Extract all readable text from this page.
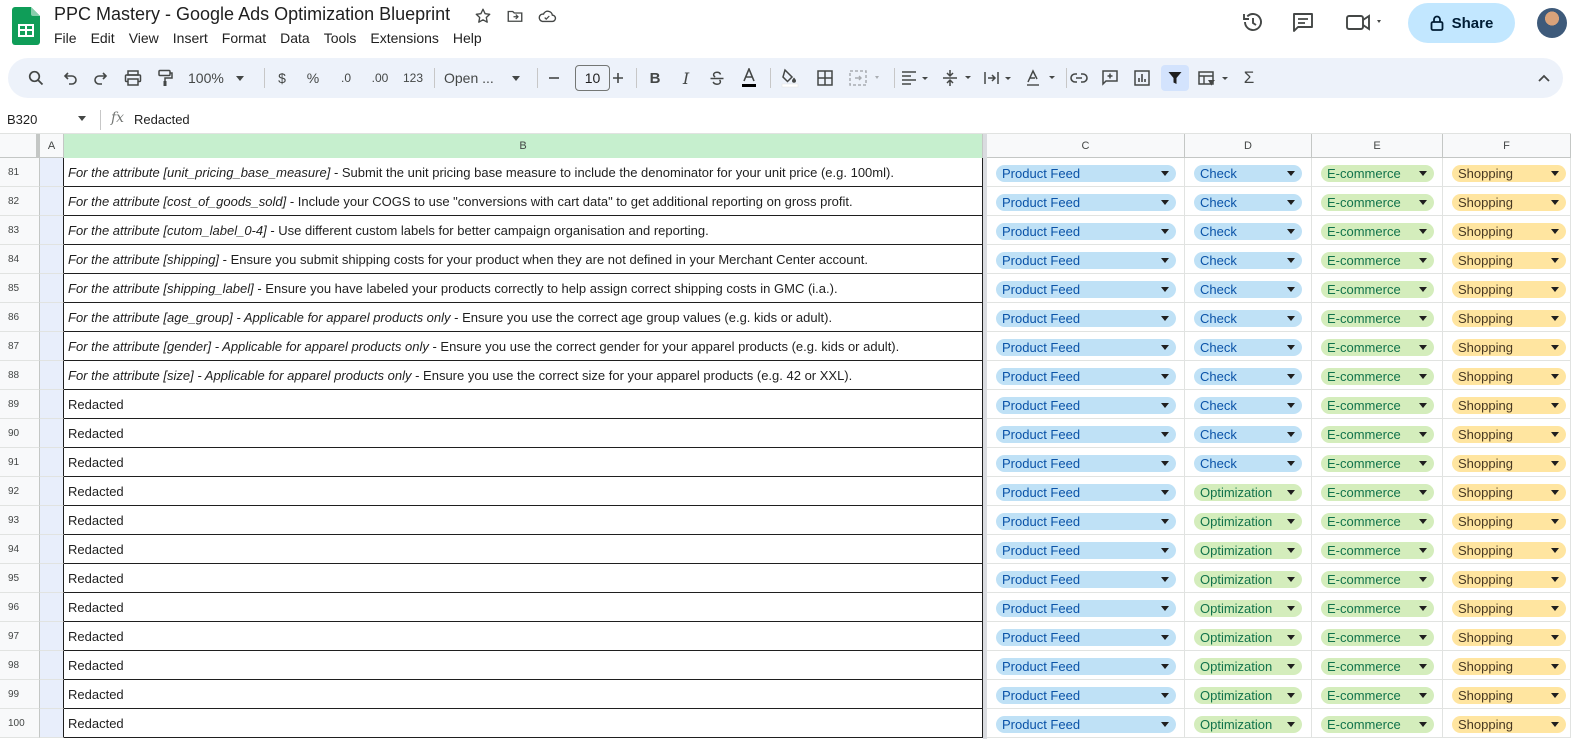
PPC Mastery - Google Ads Optimization Blueprint
File	Edit	View	Insert	Format	Data	Tools	Extensions	Help
Share
100%	$	%	.0 .00 123 Open ...	10	B	I	Σ
B320	fx Redacted
A	B	C	D	E	F
81	For the attribute [unit_pricing_base_measure] - Submit the unit pricing base measure to include the denominator for your unit price (e.g. 100ml).	Product Feed	Check	E-commerce	Shopping
82	For the attribute [cost_of_goods_sold] - Include your COGS to use "conversions with cart data" to get additional reporting on gross profit.	Product Feed	Check	E-commerce	Shopping
83	For the attribute [cutom_label_0-4] - Use different custom labels for better campaign organisation and reporting.	Product Feed	Check	E-commerce	Shopping
84	For the attribute [shipping] - Ensure you submit shipping costs for your product when they are not defined in your Merchant Center account.	Product Feed	Check	E-commerce	Shopping
85	For the attribute [shipping_label] - Ensure you have labeled your products correctly to help assign correct shipping costs in GMC (i.a.).	Product Feed	Check	E-commerce	Shopping
86	For the attribute [age_group] - Applicable for apparel products only - Ensure you use the correct age group values (e.g. kids or adult).	Product Feed	Check	E-commerce	Shopping
87	For the attribute [gender] - Applicable for apparel products only - Ensure you use the correct gender for your apparel products (e.g. kids or adult).	Product Feed	Check	E-commerce	Shopping
88	For the attribute [size] - Applicable for apparel products only - Ensure you use the correct size for your apparel products (e.g. 42 or XXL).	Product Feed	Check	E-commerce	Shopping
89	Redacted	Product Feed	Check	E-commerce	Shopping
90	Redacted	Product Feed	Check	E-commerce	Shopping
91	Redacted	Product Feed	Check	E-commerce	Shopping
92	Redacted	Product Feed	Optimization	E-commerce	Shopping
93	Redacted	Product Feed	Optimization	E-commerce	Shopping
94	Redacted	Product Feed	Optimization	E-commerce	Shopping
95	Redacted	Product Feed	Optimization	E-commerce	Shopping
96	Redacted	Product Feed	Optimization	E-commerce	Shopping
97	Redacted	Product Feed	Optimization	E-commerce	Shopping
98	Redacted	Product Feed	Optimization	E-commerce	Shopping
99	Redacted	Product Feed	Optimization	E-commerce	Shopping
100	Redacted	Product Feed	Optimization	E-commerce	Shopping
